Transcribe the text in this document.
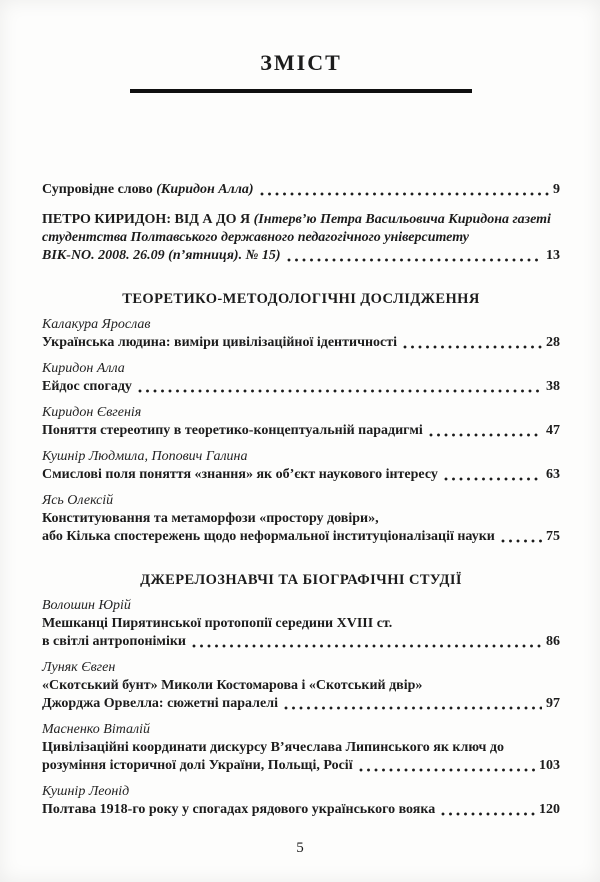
ЗМІСТ
Супровідне слово (Киридон Алла)	9
ПЕТРО КИРИДОН: ВІД А ДО Я (Інтерв’ю Петра Васильовича Киридона газеті студентства Полтавського державного педагогічного університету
ВІК-NO. 2008. 26.09 (п’ятниця). № 15)	13
ТЕОРЕТИКО-МЕТОДОЛОГІЧНІ ДОСЛІДЖЕННЯ
Калакура Ярослав
Українська людина: виміри цивілізаційної ідентичності	28
Киридон Алла
Ейдос спогаду	38
Киридон Євгенія
Поняття стереотипу в теоретико-концептуальній парадигмі	47
Кушнір Людмила, Попович Галина
Смислові поля поняття «знання» як об’єкт наукового інтересу	63
Ясь Олексій
Конституювання та метаморфози «простору довіри»,
або Кілька спостережень щодо неформальної інституціоналізації науки	75
ДЖЕРЕЛОЗНАВЧІ ТА БІОГРАФІЧНІ СТУДІЇ
Волошин Юрій
Мешканці Пирятинської протопопії середини XVIII ст.
в світлі антропоніміки	86
Луняк Євген
«Скотський бунт» Миколи Костомарова і «Скотський двір»
Джорджа Орвелла: сюжетні паралелі	97
Масненко Віталій
Цивілізаційні координати дискурсу В’ячеслава Липинського як ключ до
розуміння історичної долі України, Польщі, Росії	103
Кушнір Леонід
Полтава 1918-го року у спогадах рядового українського вояка	120
5
